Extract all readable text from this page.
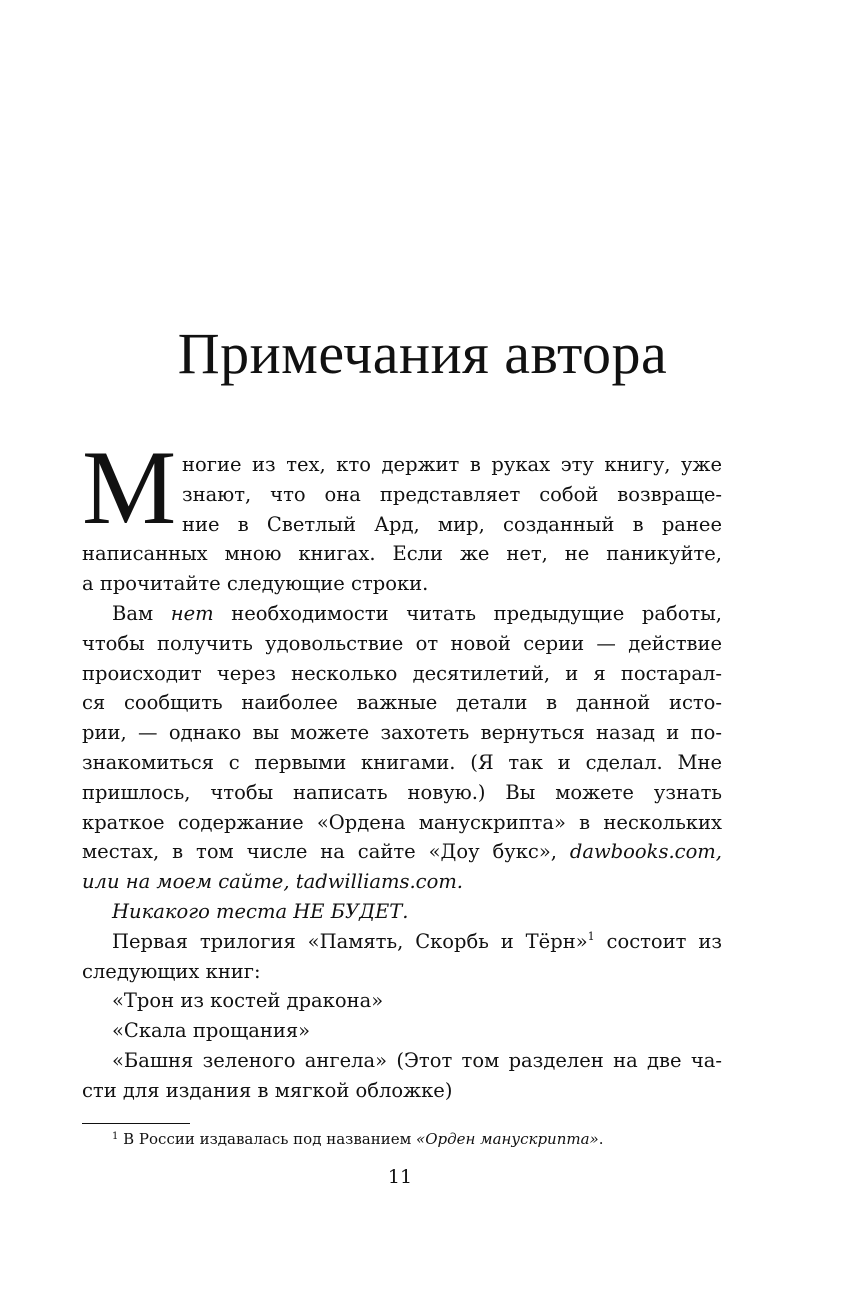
Примечания автора
М ногие из тех, кто держит в руках эту книгу, уже
знают, что она представляет собой возвраще-
ние в Светлый Ард, мир, созданный в ранее
написанных мною книгах. Если же нет, не паникуйте,
а прочитайте следующие строки.
Вам нет необходимости читать предыдущие работы,
чтобы получить удовольствие от новой серии — действие
происходит через несколько десятилетий, и я постарал-
ся сообщить наиболее важные детали в данной исто-
рии, — однако вы можете захотеть вернуться назад и по-
знакомиться с первыми книгами. (Я так и сделал. Мне
пришлось, чтобы написать новую.) Вы можете узнать
краткое содержание «Ордена манускрипта» в нескольких
местах, в том числе на сайте «Доу букс», dawbooks.com,
или на моем сайте, tadwilliams.com.
Никакого теста НЕ БУДЕТ.
Первая трилогия «Память, Скорбь и Тёрн»$^1$ состоит из
следующих книг:
«Трон из костей дракона»
«Скала прощания»
«Башня зеленого ангела» (Этот том разделен на две ча-
сти для издания в мягкой обложке)
$^1$ В России издавалась под названием «Орден манускрипта».
11
